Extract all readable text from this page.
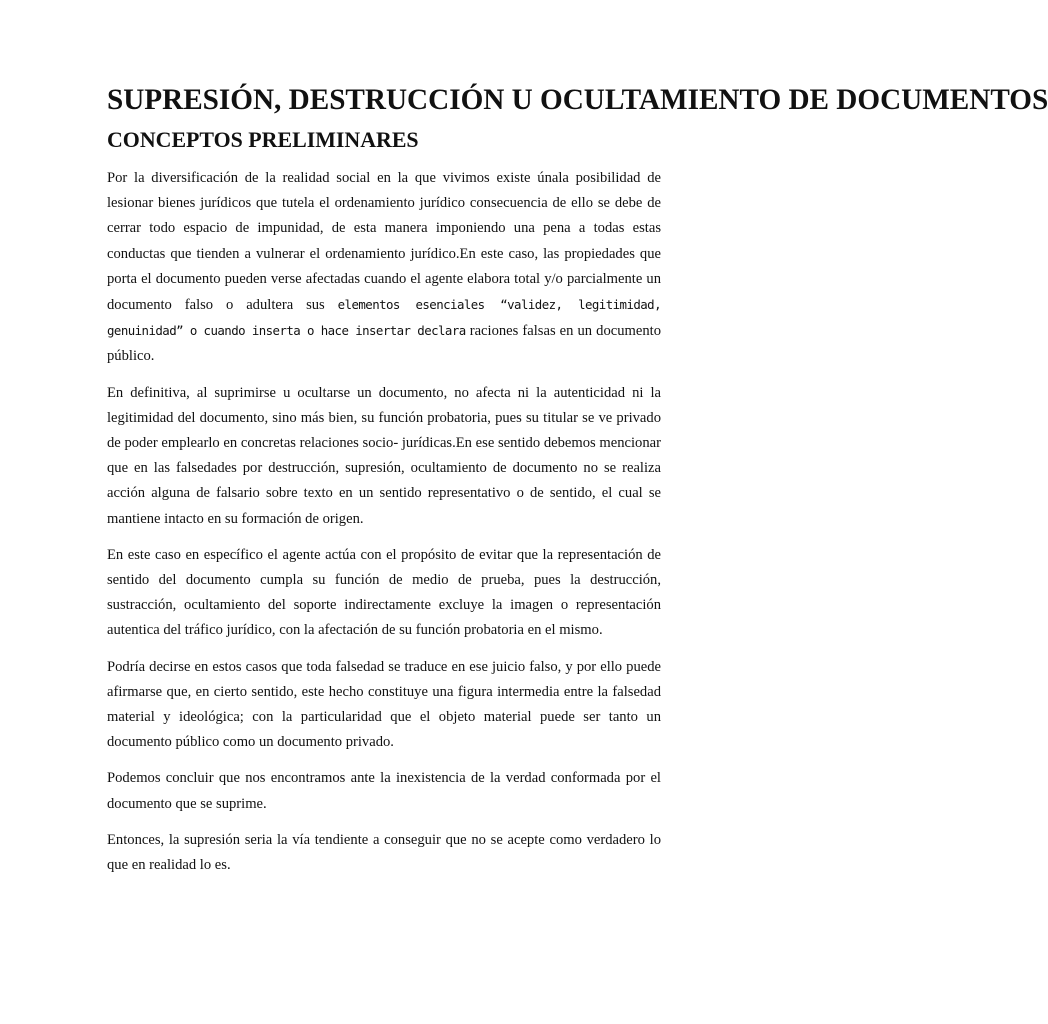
SUPRESIÓN, DESTRUCCIÓN U OCULTAMIENTO DE DOCUMENTOS
CONCEPTOS PRELIMINARES

Por la diversificación de la realidad social en la que vivimos existe únala posibilidad de lesionar bienes jurídicos que tutela el ordenamiento jurídico consecuencia de ello se debe de cerrar todo espacio de impunidad, de esta manera imponiendo una pena a todas estas conductas que tienden a vulnerar el ordenamiento jurídico.En este caso, las propiedades que porta el documento pueden verse afectadas cuando el agente elabora total y/o parcialmente un documento falso o adultera sus elementos esenciales “validez, legitimidad, genuinidad” o cuando inserta o hace insertar declara raciones falsas en un documento público.

En definitiva, al suprimirse u ocultarse un documento, no afecta ni la autenticidad ni la legitimidad del documento, sino más bien, su función probatoria, pues su titular se ve privado de poder emplearlo en concretas relaciones socio- jurídicas.En ese sentido debemos mencionar que en las falsedades por destrucción, supresión, ocultamiento de documento no se realiza acción alguna de falsario sobre texto en un sentido representativo o de sentido, el cual se mantiene intacto en su formación de origen.

En este caso en específico el agente actúa con el propósito de evitar que la representación de sentido del documento cumpla su función de medio de prueba, pues la destrucción, sustracción, ocultamiento del soporte indirectamente excluye la imagen o representación autentica del tráfico jurídico, con la afectación de su función probatoria en el mismo.

Podría decirse en estos casos que toda falsedad se traduce en ese juicio falso, y por ello puede afirmarse que, en cierto sentido, este hecho constituye una figura intermedia entre la falsedad material y ideológica; con la particularidad que el objeto material puede ser tanto un documento público como un documento privado.

Podemos concluir que nos encontramos ante la inexistencia de la verdad conformada por el documento que se suprime.

Entonces, la supresión seria la vía tendiente a conseguir que no se acepte como verdadero lo que en realidad lo es.
